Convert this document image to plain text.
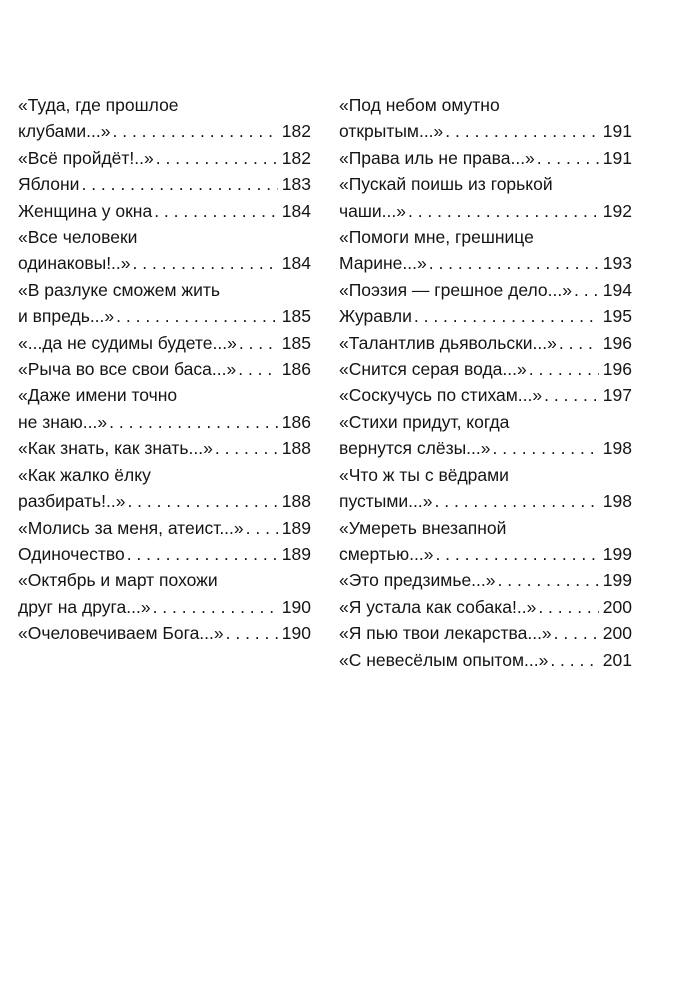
«Туда, где прошлое
клубами...» . . .	182
«Всё пройдёт!..» . . .	182
Яблони . . .	183
Женщина у окна . . .	184
«Все человеки
одинаковы!..» . . .	184
«В разлуке сможем жить
и впредь...» . . .	185
«...да не судимы будете...» . . .	185
«Рыча во все свои баса...» . . .	186
«Даже имени точно
не знаю...» . . .	186
«Как знать, как знать...» . . .	188
«Как жалко ёлку
разбирать!..» . . .	188
«Молись за меня, атеист...» . . . 189
Одиночество . . .	189
«Октябрь и март похожи
друг на друга...» . . .	190
«Очеловечиваем Бога...» . . .	190
«Под небом омутно
открытым...» . . .	191
«Права иль не права...» . . .	191
«Пускай поишь из горькой
чаши...» . . .	192
«Помоги мне, грешнице
Марине...» . . .	193
«Поэзия — грешное дело...» . . . 194
Журавли . . .	195
«Талантлив дьявольски...» . . .	196
«Снится серая вода...» . . .	196
«Соскучусь по стихам...» . . .	197
«Стихи придут, когда
вернутся слёзы...» . . .	198
«Что ж ты с вёдрами
пустыми...» . . .	198
«Умереть внезапной
смертью...» . . .	199
«Это предзимье...» . . .	199
«Я устала как собака!..» . . .	200
«Я пью твои лекарства...» . . .	200
«С невесёлым опытом...» . . .	201
